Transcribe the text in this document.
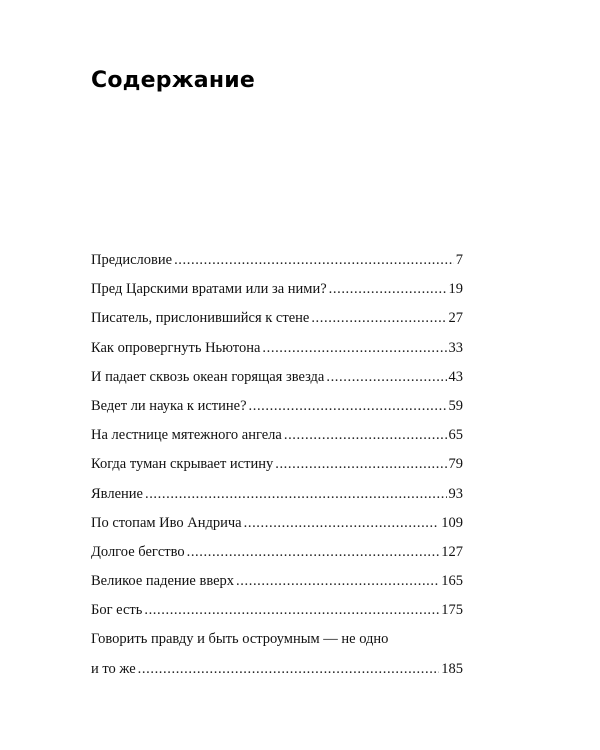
Содержание
Предисловие .....	7
Пред Царскими вратами или за ними? .....	19
Писатель, прислонившийся к стене .....	27
Как опровергнуть Ньютона .....	33
И падает сквозь океан горящая звезда .....	43
Ведет ли наука к истине? .....	59
На лестнице мятежного ангела .....	65
Когда туман скрывает истину .....	79
Явление .....	93
По стопам Иво Андрича .....	109
Долгое бегство .....	127
Великое падение вверх .....	165
Бог есть .....	175
Говорить правду и быть остроумным — не одно
и то же .....	185
